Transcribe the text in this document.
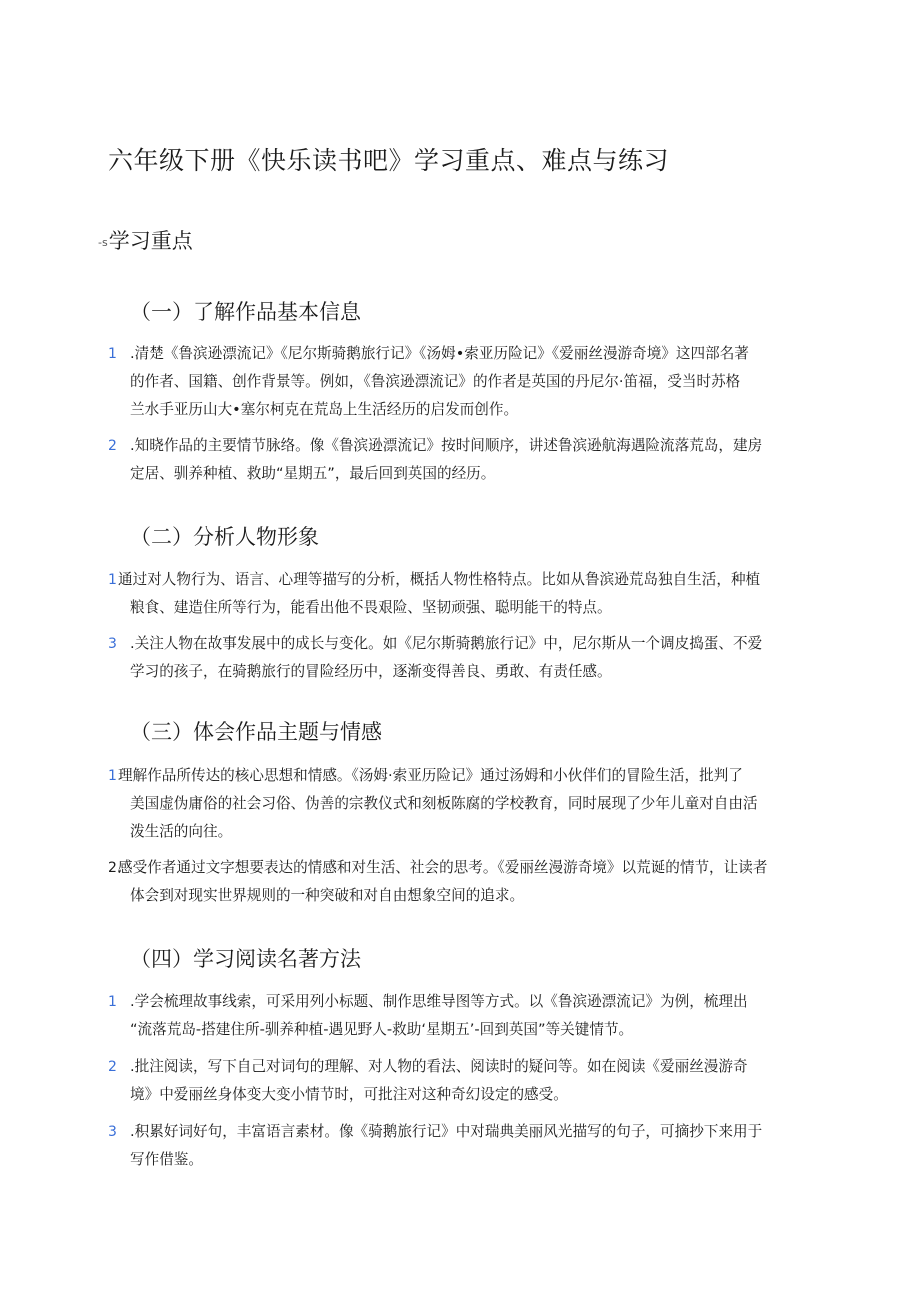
六年级下册《快乐读书吧》学习重点、难点与练习
-s学习重点
（一）了解作品基本信息
1 .清楚《鲁滨逊漂流记》《尼尔斯骑鹅旅行记》《汤姆•索亚历险记》《爱丽丝漫游奇境》这四部名著
的作者、国籍、创作背景等。例如，《鲁滨逊漂流记》的作者是英国的丹尼尔·笛福，受当时苏格
兰水手亚历山大•塞尔柯克在荒岛上生活经历的启发而创作。
2 .知晓作品的主要情节脉络。像《鲁滨逊漂流记》按时间顺序，讲述鲁滨逊航海遇险流落荒岛，建房
定居、驯养种植、救助“星期五”，最后回到英国的经历。
（二）分析人物形象
1 通过对人物行为、语言、心理等描写的分析，概括人物性格特点。比如从鲁滨逊荒岛独自生活，种植
粮食、建造住所等行为，能看出他不畏艰险、坚韧顽强、聪明能干的特点。
3 .关注人物在故事发展中的成长与变化。如《尼尔斯骑鹅旅行记》中，尼尔斯从一个调皮捣蛋、不爱
学习的孩子，在骑鹅旅行的冒险经历中，逐渐变得善良、勇敢、有责任感。
（三）体会作品主题与情感
1 理解作品所传达的核心思想和情感。《汤姆·索亚历险记》通过汤姆和小伙伴们的冒险生活，批判了
美国虚伪庸俗的社会习俗、伪善的宗教仪式和刻板陈腐的学校教育，同时展现了少年儿童对自由活
泼生活的向往。
2.
感受作者通过文字想要表达的情感和对生活、社会的思考。《爱丽丝漫游奇境》以荒诞的情节，让读者
体会到对现实世界规则的一种突破和对自由想象空间的追求。
（四）学习阅读名著方法
1 .学会梳理故事线索，可采用列小标题、制作思维导图等方式。以《鲁滨逊漂流记》为例，梳理出
“流落荒岛-搭建住所-驯养种植-遇见野人-救助‘星期五’-回到英国”等关键情节。
2 .批注阅读，写下自己对词句的理解、对人物的看法、阅读时的疑问等。如在阅读《爱丽丝漫游奇
境》中爱丽丝身体变大变小情节时，可批注对这种奇幻设定的感受。
3 .积累好词好句，丰富语言素材。像《骑鹅旅行记》中对瑞典美丽风光描写的句子，可摘抄下来用于
写作借鉴。
